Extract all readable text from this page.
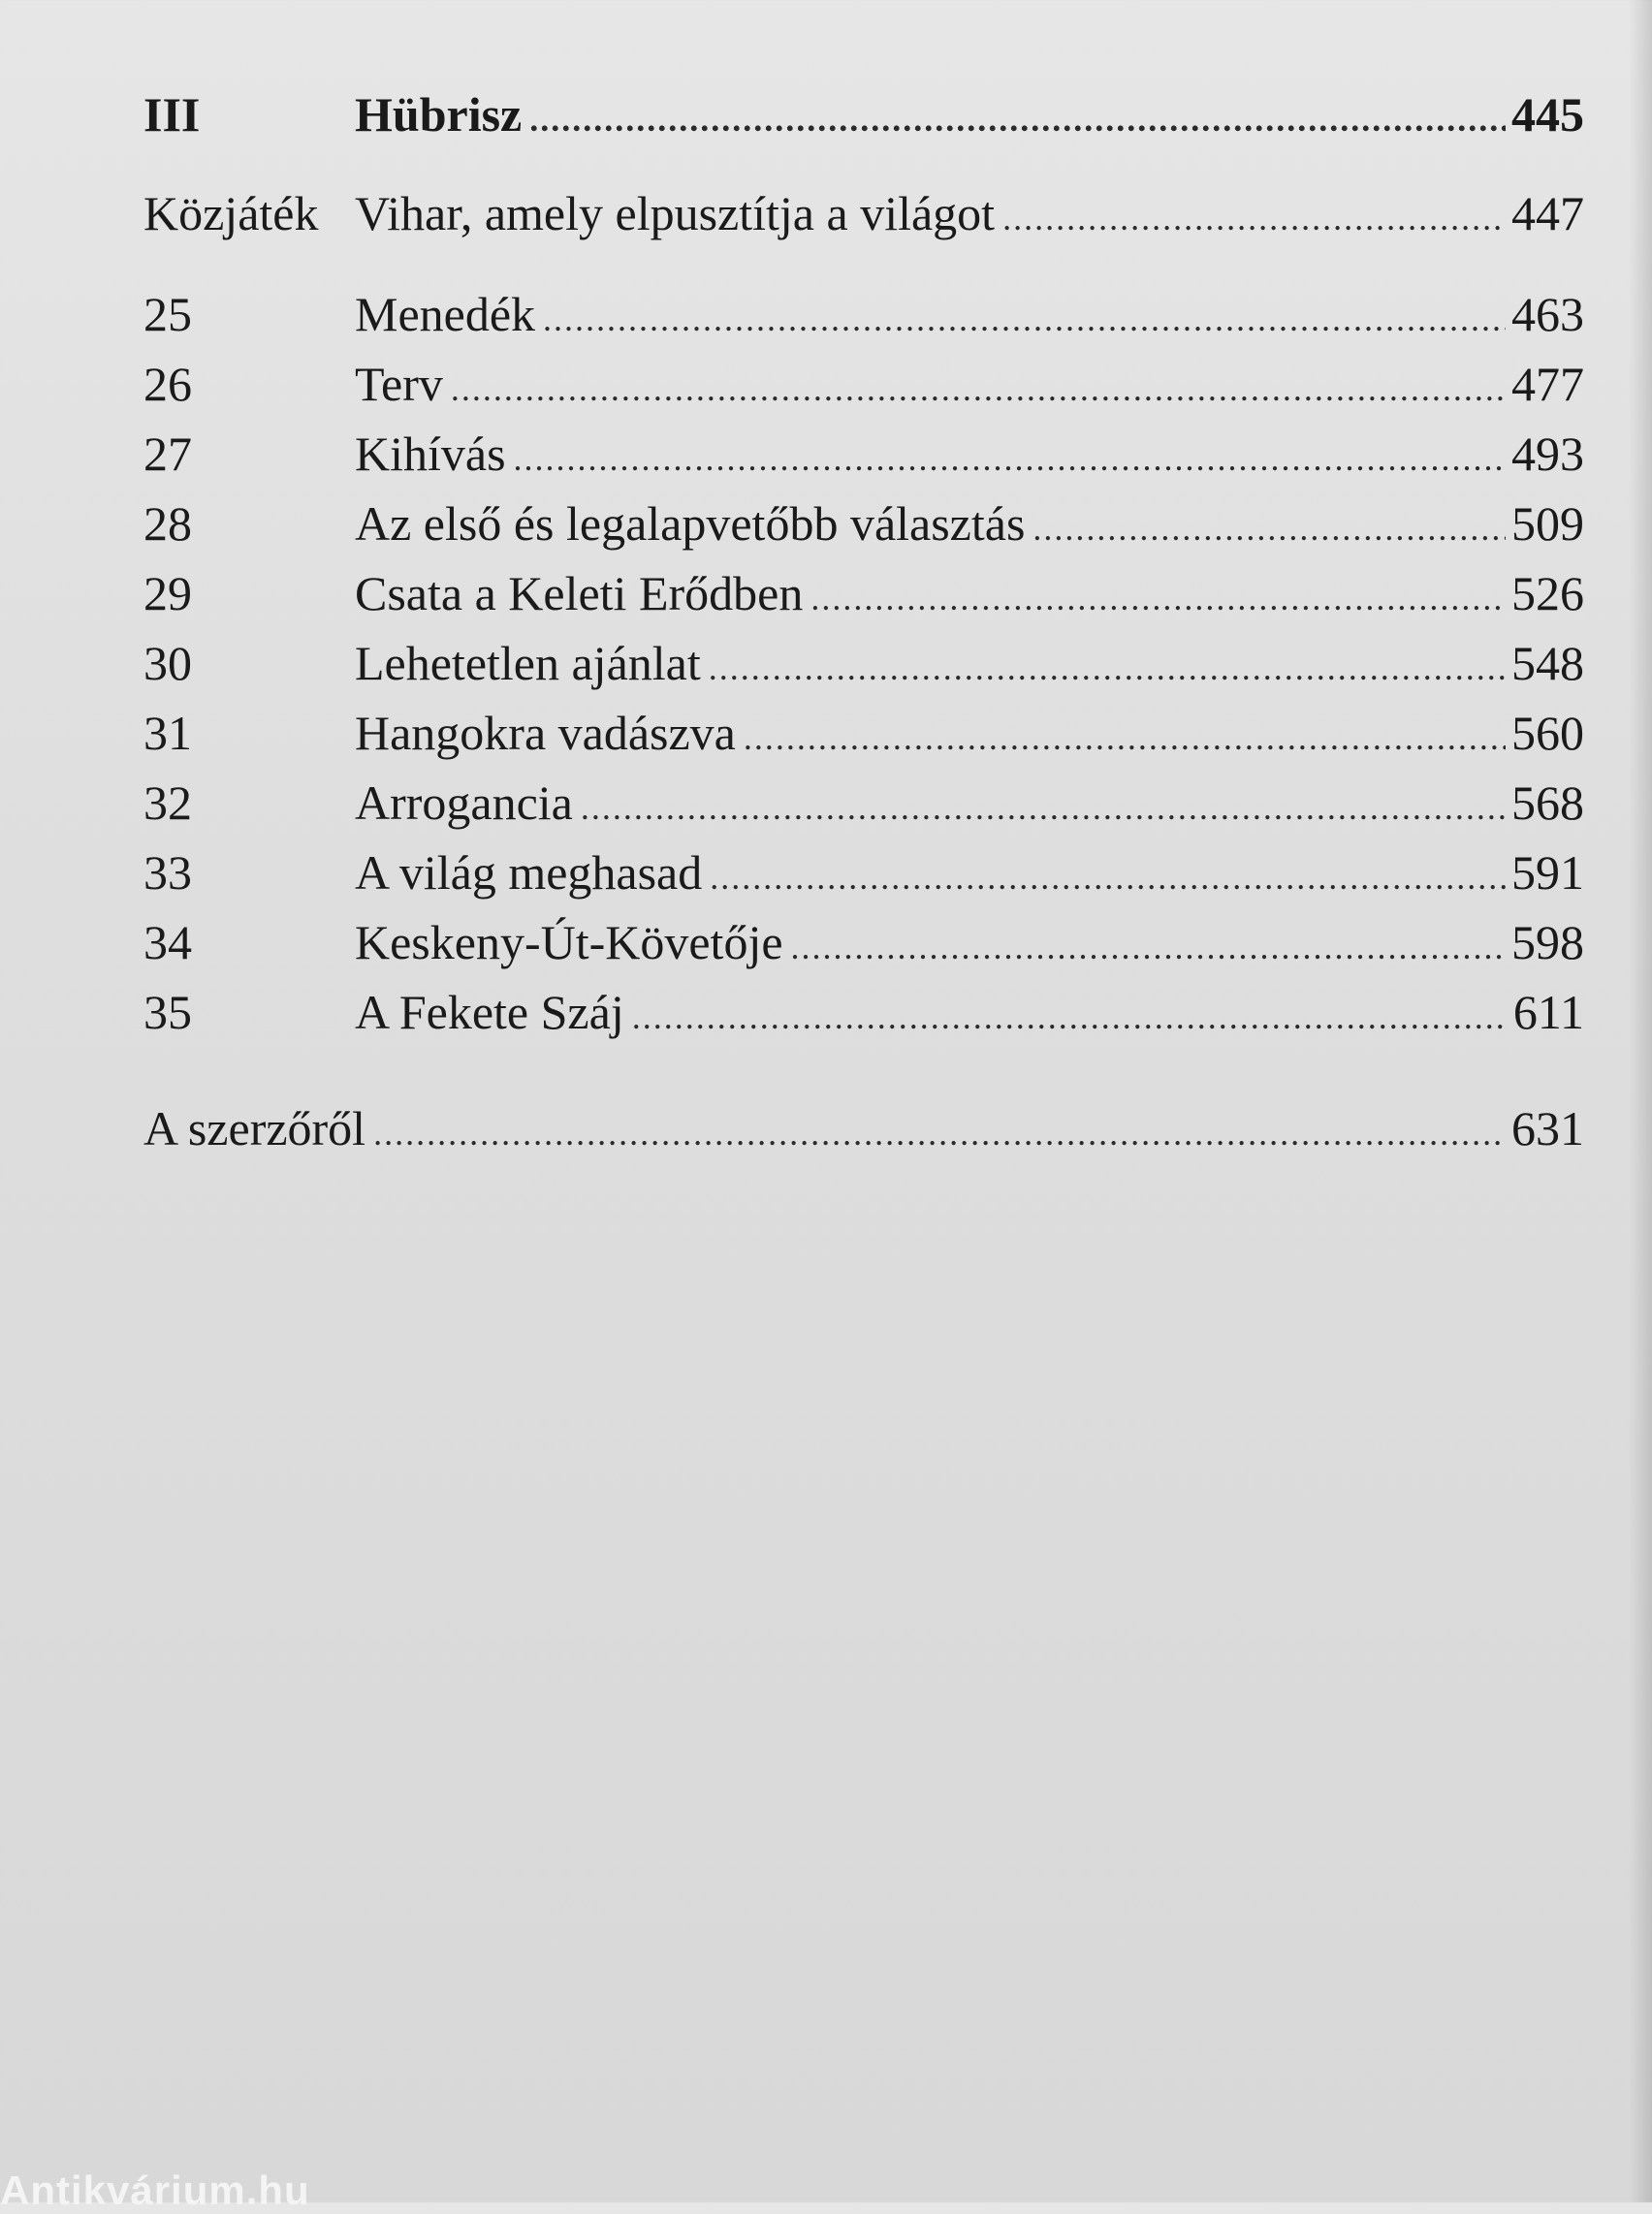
III	Hübrisz .....	445
Közjáték Vihar, amely elpusztítja a világot .....	447
25	Menedék .....	463
26	Terv .....	477
27	Kihívás .....	493
28	Az első és legalapvetőbb választás .....	509
29	Csata a Keleti Erődben .....	526
30	Lehetetlen ajánlat .....	548
31	Hangokra vadászva .....	560
32	Arrogancia .....	568
33	A világ meghasad .....	591
34	Keskeny-Út-Követője .....	598
35	A Fekete Száj .....	611
A szerzőről .....	631
Antikvárium.hu
